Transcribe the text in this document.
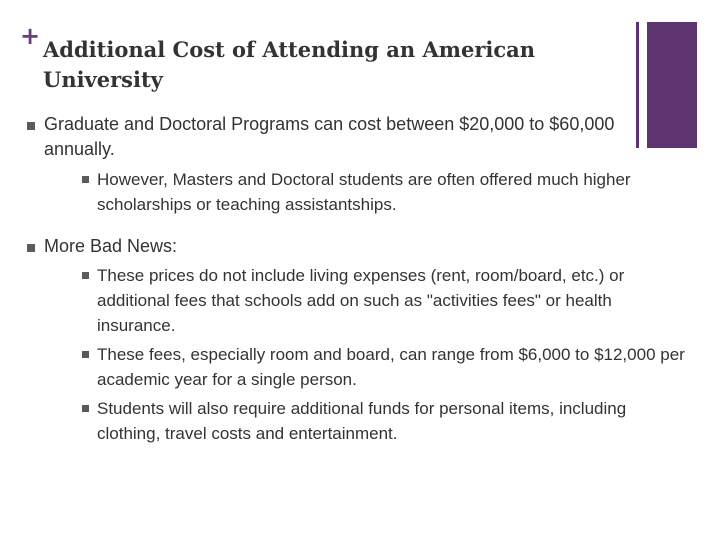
+ Additional Cost of Attending an American University
Graduate and Doctoral Programs can cost between $20,000 to $60,000 annually.
However, Masters and Doctoral students are often offered much higher scholarships or teaching assistantships.
More Bad News:
These prices do not include living expenses (rent, room/board, etc.) or additional fees that schools add on such as "activities fees" or health insurance.
These fees, especially room and board, can range from $6,000 to $12,000 per academic year for a single person.
Students will also require additional funds for personal items, including clothing, travel costs and entertainment.
